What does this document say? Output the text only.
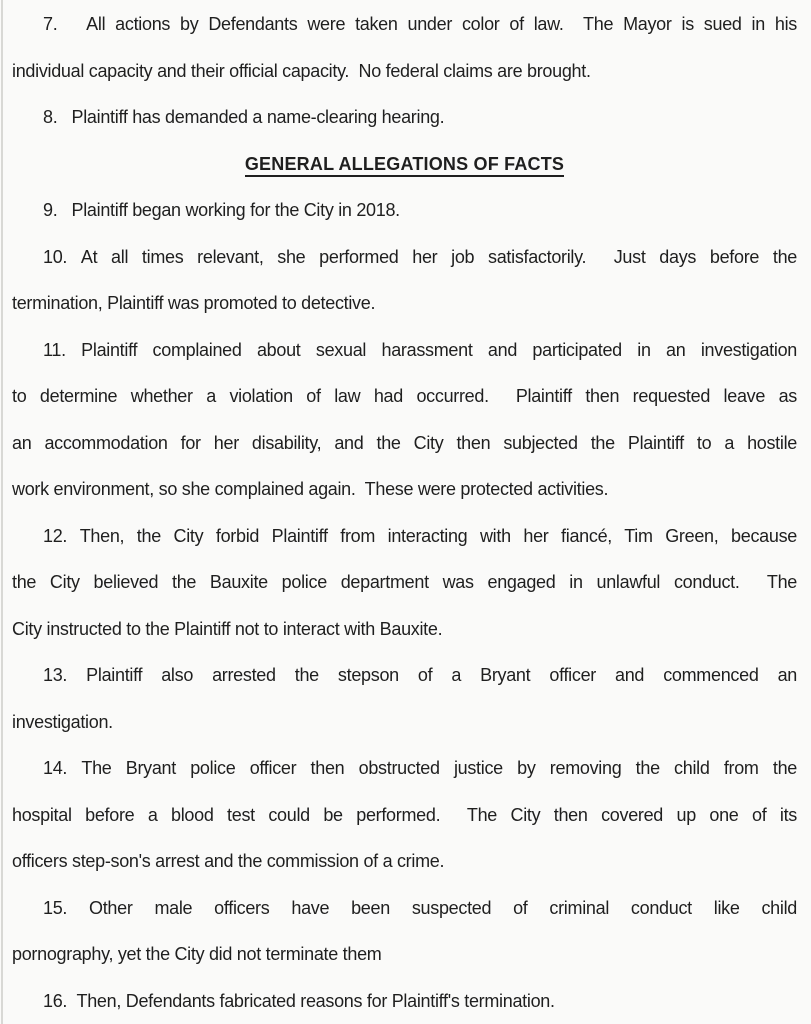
7.   All actions by Defendants were taken under color of law.  The Mayor is sued in his
individual capacity and their official capacity.  No federal claims are brought.
8.   Plaintiff has demanded a name-clearing hearing.
GENERAL ALLEGATIONS OF FACTS
9.   Plaintiff began working for the City in 2018.
10. At all times relevant, she performed her job satisfactorily.  Just days before the
termination, Plaintiff was promoted to detective.
11. Plaintiff complained about sexual harassment and participated in an investigation
to determine whether a violation of law had occurred.  Plaintiff then requested leave as
an accommodation for her disability, and the City then subjected the Plaintiff to a hostile
work environment, so she complained again.  These were protected activities.
12. Then, the City forbid Plaintiff from interacting with her fiancé, Tim Green, because
the City believed the Bauxite police department was engaged in unlawful conduct.  The
City instructed to the Plaintiff not to interact with Bauxite.
13. Plaintiff also arrested the stepson of a Bryant officer and commenced an
investigation.
14. The Bryant police officer then obstructed justice by removing the child from the
hospital before a blood test could be performed.  The City then covered up one of its
officers step-son's arrest and the commission of a crime.
15. Other male officers have been suspected of criminal conduct like child
pornography, yet the City did not terminate them
16.  Then, Defendants fabricated reasons for Plaintiff's termination.
